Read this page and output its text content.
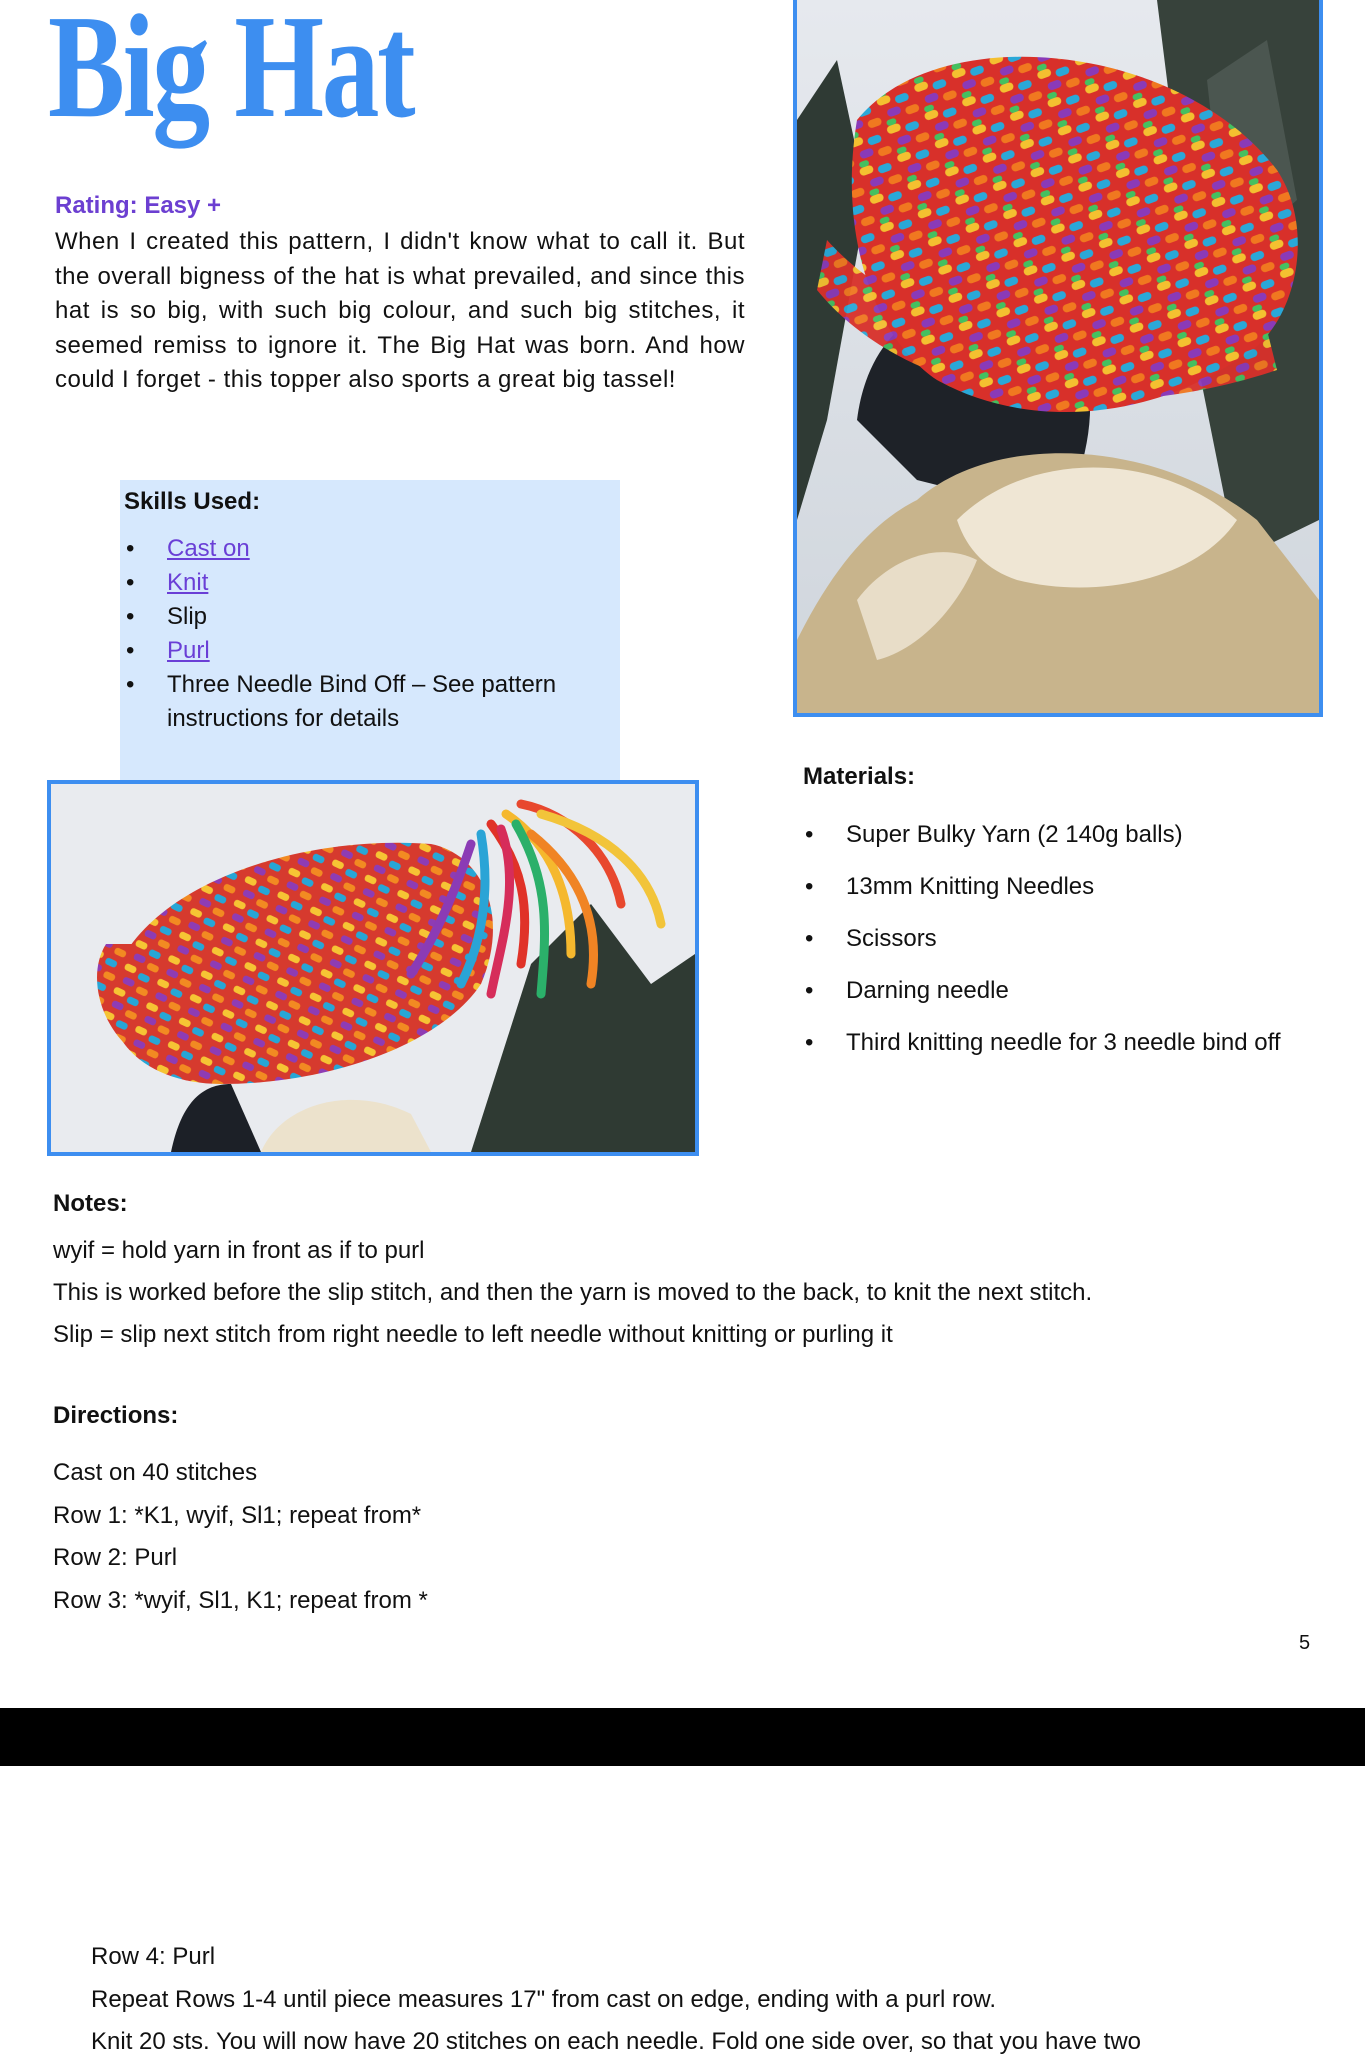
Big Hat
Rating: Easy +

When I created this pattern, I didn't know what to call it. But the overall bigness of the hat is what prevailed, and since this hat is so big, with such big colour, and such big stitches, it seemed remiss to ignore it. The Big Hat was born. And how could I forget - this topper also sports a great big tassel!

Skills Used:
• Cast on
• Knit
• Slip
• Purl
• Three Needle Bind Off – See pattern instructions for details
Materials:
• Super Bulky Yarn (2 140g balls)
• 13mm Knitting Needles
• Scissors
• Darning needle
• Third knitting needle for 3 needle bind off

Notes:

wyif = hold yarn in front as if to purl

This is worked before the slip stitch, and then the yarn is moved to the back, to knit the next stitch.

Slip = slip next stitch from right needle to left needle without knitting or purling it

Directions:

Cast on 40 stitches

Row 1: *K1, wyif, Sl1; repeat from*

Row 2: Purl

Row 3: *wyif, Sl1, K1; repeat from *

5

Row 4: Purl

Repeat Rows 1-4 until piece measures 17" from cast on edge, ending with a purl row.

Knit 20 sts. You will now have 20 stitches on each needle. Fold one side over, so that you have two
